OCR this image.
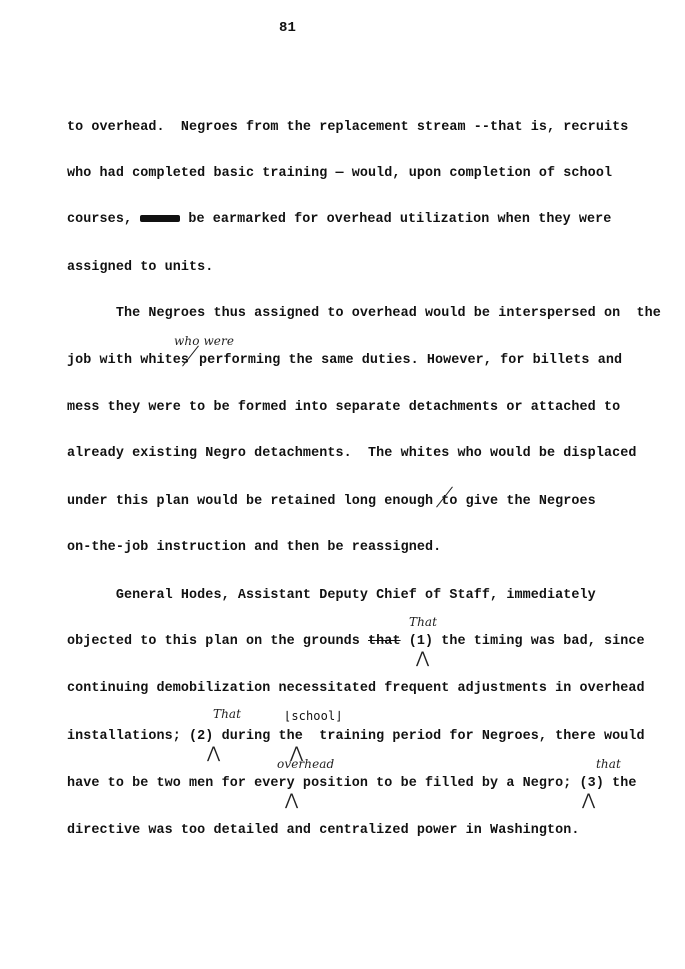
81
to overhead.  Negroes from the replacement stream --that is, recruits
who had completed basic training — would, upon completion of school
courses,	be earmarked for overhead utilization when they were
assigned to units.
The Negroes thus assigned to overhead would be interspersed on  the
who were
job with whites performing the same duties. However, for billets and
mess they were to be formed into separate detachments or attached to
already existing Negro detachments.  The whites who would be displaced
under this plan would be retained long enough to give the Negroes
on-the-job instruction and then be reassigned.
General Hodes, Assistant Deputy Chief of Staff, immediately
That
objected to this plan on the grounds that (1) the timing was bad, since
⋀
continuing demobilization necessitated frequent adjustments in overhead
That	⌊school⌋
installations; (2) during the  training period for Negroes, there would
⋀	⋀
overhead	that
have to be two men for every position to be filled by a Negro; (3) the
⋀	⋀
directive was too detailed and centralized power in Washington.
